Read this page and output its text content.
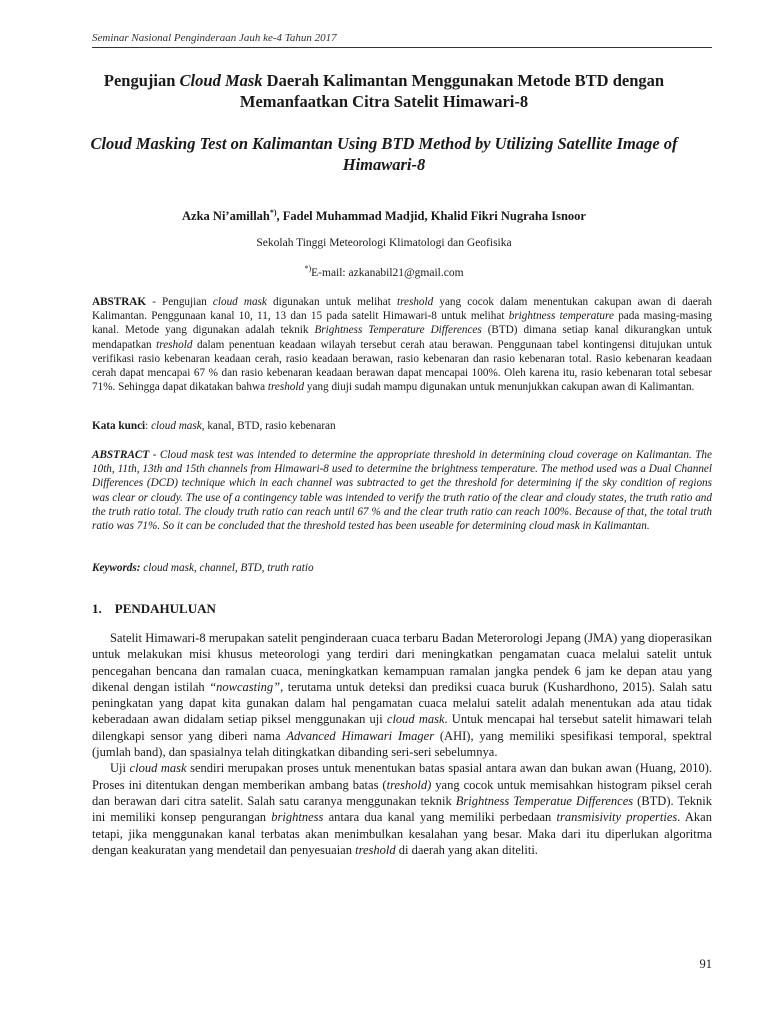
Seminar Nasional Penginderaan Jauh ke-4 Tahun 2017
Pengujian Cloud Mask Daerah Kalimantan Menggunakan Metode BTD dengan Memanfaatkan Citra Satelit Himawari-8
Cloud Masking Test on Kalimantan Using BTD Method by Utilizing Satellite Image of Himawari-8
Azka Ni’amillah*), Fadel Muhammad Madjid, Khalid Fikri Nugraha Isnoor
Sekolah Tinggi Meteorologi Klimatologi dan Geofisika
*)E-mail: azkanabil21@gmail.com
ABSTRAK - Pengujian cloud mask digunakan untuk melihat treshold yang cocok dalam menentukan cakupan awan di daerah Kalimantan. Penggunaan kanal 10, 11, 13 dan 15 pada satelit Himawari-8 untuk melihat brightness temperature pada masing-masing kanal. Metode yang digunakan adalah teknik Brightness Temperature Differences (BTD) dimana setiap kanal dikurangkan untuk mendapatkan treshold dalam penentuan keadaan wilayah tersebut cerah atau berawan. Penggunaan tabel kontingensi ditujukan untuk verifikasi rasio kebenaran keadaan cerah, rasio keadaan berawan, rasio kebenaran dan rasio kebenaran total. Rasio kebenaran keadaan cerah dapat mencapai 67 % dan rasio kebenaran keadaan berawan dapat mencapai 100%. Oleh karena itu, rasio kebenaran total sebesar 71%. Sehingga dapat dikatakan bahwa treshold yang diuji sudah mampu digunakan untuk menunjukkan cakupan awan di Kalimantan.
Kata kunci: cloud mask, kanal, BTD, rasio kebenaran
ABSTRACT - Cloud mask test was intended to determine the appropriate threshold in determining cloud coverage on Kalimantan. The 10th, 11th, 13th and 15th channels from Himawari-8 used to determine the brightness temperature. The method used was a Dual Channel Differences (DCD) technique which in each channel was subtracted to get the threshold for determining if the sky condition of regions was clear or cloudy. The use of a contingency table was intended to verify the truth ratio of the clear and cloudy states, the truth ratio and the truth ratio total. The cloudy truth ratio can reach until 67 % and the clear truth ratio can reach 100%. Because of that, the total truth ratio was 71%. So it can be concluded that the threshold tested has been useable for determining cloud mask in Kalimantan.
Keywords: cloud mask, channel, BTD, truth ratio
1. PENDAHULUAN

Satelit Himawari-8 merupakan satelit penginderaan cuaca terbaru Badan Meterorologi Jepang (JMA) yang dioperasikan untuk melakukan misi khusus meteorologi yang terdiri dari meningkatkan pengamatan cuaca melalui satelit untuk pencegahan bencana dan ramalan cuaca, meningkatkan kemampuan ramalan jangka pendek 6 jam ke depan atau yang dikenal dengan istilah “nowcasting”, terutama untuk deteksi dan prediksi cuaca buruk (Kushardhono, 2015). Salah satu peningkatan yang dapat kita gunakan dalam hal pengamatan cuaca melalui satelit adalah menentukan ada atau tidak keberadaan awan didalam setiap piksel menggunakan uji cloud mask. Untuk mencapai hal tersebut satelit himawari telah dilengkapi sensor yang diberi nama Advanced Himawari Imager (AHI), yang memiliki spesifikasi temporal, spektral (jumlah band), dan spasialnya telah ditingkatkan dibanding seri-seri sebelumnya.

Uji cloud mask sendiri merupakan proses untuk menentukan batas spasial antara awan dan bukan awan (Huang, 2010). Proses ini ditentukan dengan memberikan ambang batas (treshold) yang cocok untuk memisahkan histogram piksel cerah dan berawan dari citra satelit. Salah satu caranya menggunakan teknik Brightness Temperatue Differences (BTD). Teknik ini memiliki konsep pengurangan brightness antara dua kanal yang memiliki perbedaan transmisivity properties. Akan tetapi, jika menggunakan kanal terbatas akan menimbulkan kesalahan yang besar. Maka dari itu diperlukan algoritma dengan keakuratan yang mendetail dan penyesuaian treshold di daerah yang akan diteliti.

91
